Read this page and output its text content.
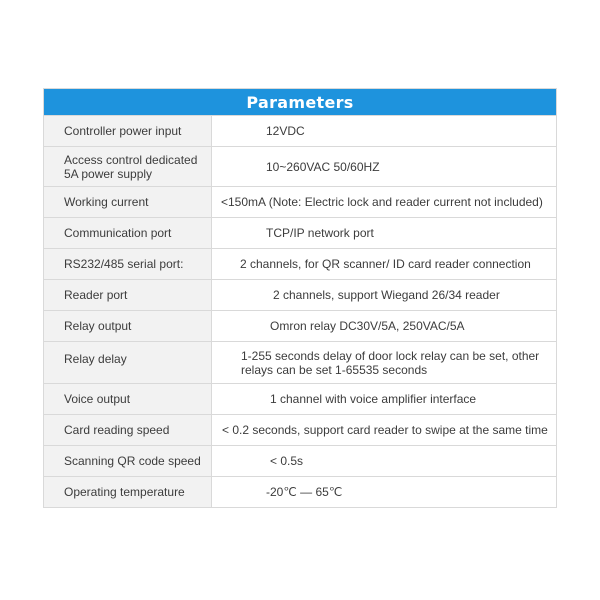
Parameters
Controller power input	12VDC
Access control dedicated 5A power supply	10~260VAC 50/60HZ
Working current	<150mA (Note: Electric lock and reader current not included)
Communication port	TCP/IP network port
RS232/485 serial port:	2 channels, for QR scanner/ ID card reader connection
Reader port	2 channels, support Wiegand 26/34 reader
Relay output	Omron relay DC30V/5A, 250VAC/5A
Relay delay	1-255 seconds delay of door lock relay can be set, other relays can be set 1-65535 seconds
Voice output	1 channel with voice amplifier interface
Card reading speed	< 0.2 seconds, support card reader to swipe at the same time
Scanning QR code speed	< 0.5s
Operating temperature	-20℃ — 65℃
